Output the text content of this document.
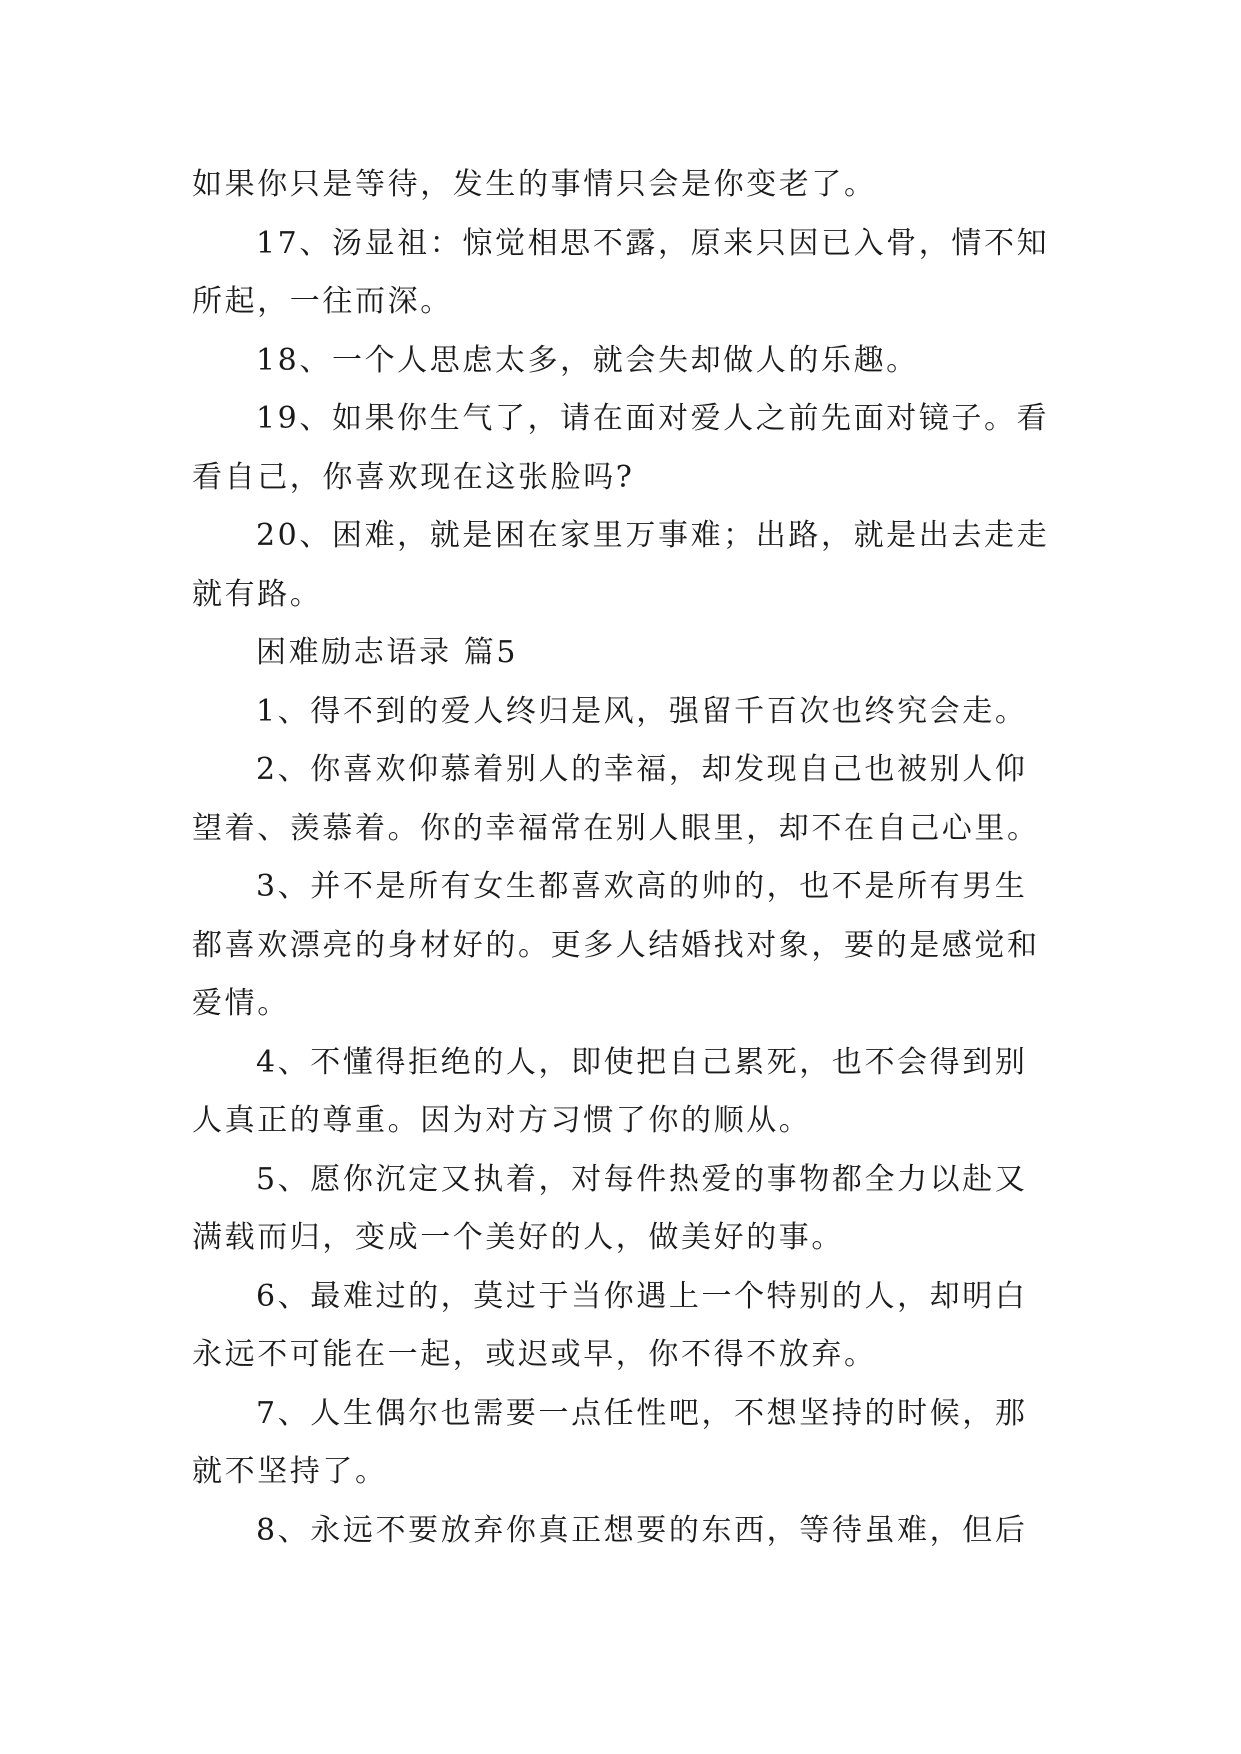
如果你只是等待，发生的事情只会是你变老了。

17、汤显祖：惊觉相思不露，原来只因已入骨，情不知
所起，一往而深。

18、一个人思虑太多，就会失却做人的乐趣。

19、如果你生气了，请在面对爱人之前先面对镜子。看
看自己，你喜欢现在这张脸吗?

20、困难，就是困在家里万事难；出路，就是出去走走
就有路。

困难励志语录 篇5

1、得不到的爱人终归是风，强留千百次也终究会走。

2、你喜欢仰慕着别人的幸福，却发现自己也被别人仰
望着、羡慕着。你的幸福常在别人眼里，却不在自己心里。

3、并不是所有女生都喜欢高的帅的，也不是所有男生
都喜欢漂亮的身材好的。更多人结婚找对象，要的是感觉和
爱情。

4、不懂得拒绝的人，即使把自己累死，也不会得到别
人真正的尊重。因为对方习惯了你的顺从。

5、愿你沉定又执着，对每件热爱的事物都全力以赴又
满载而归，变成一个美好的人，做美好的事。

6、最难过的，莫过于当你遇上一个特别的人，却明白
永远不可能在一起，或迟或早，你不得不放弃。

7、人生偶尔也需要一点任性吧，不想坚持的时候，那
就不坚持了。

8、永远不要放弃你真正想要的东西，等待虽难，但后
